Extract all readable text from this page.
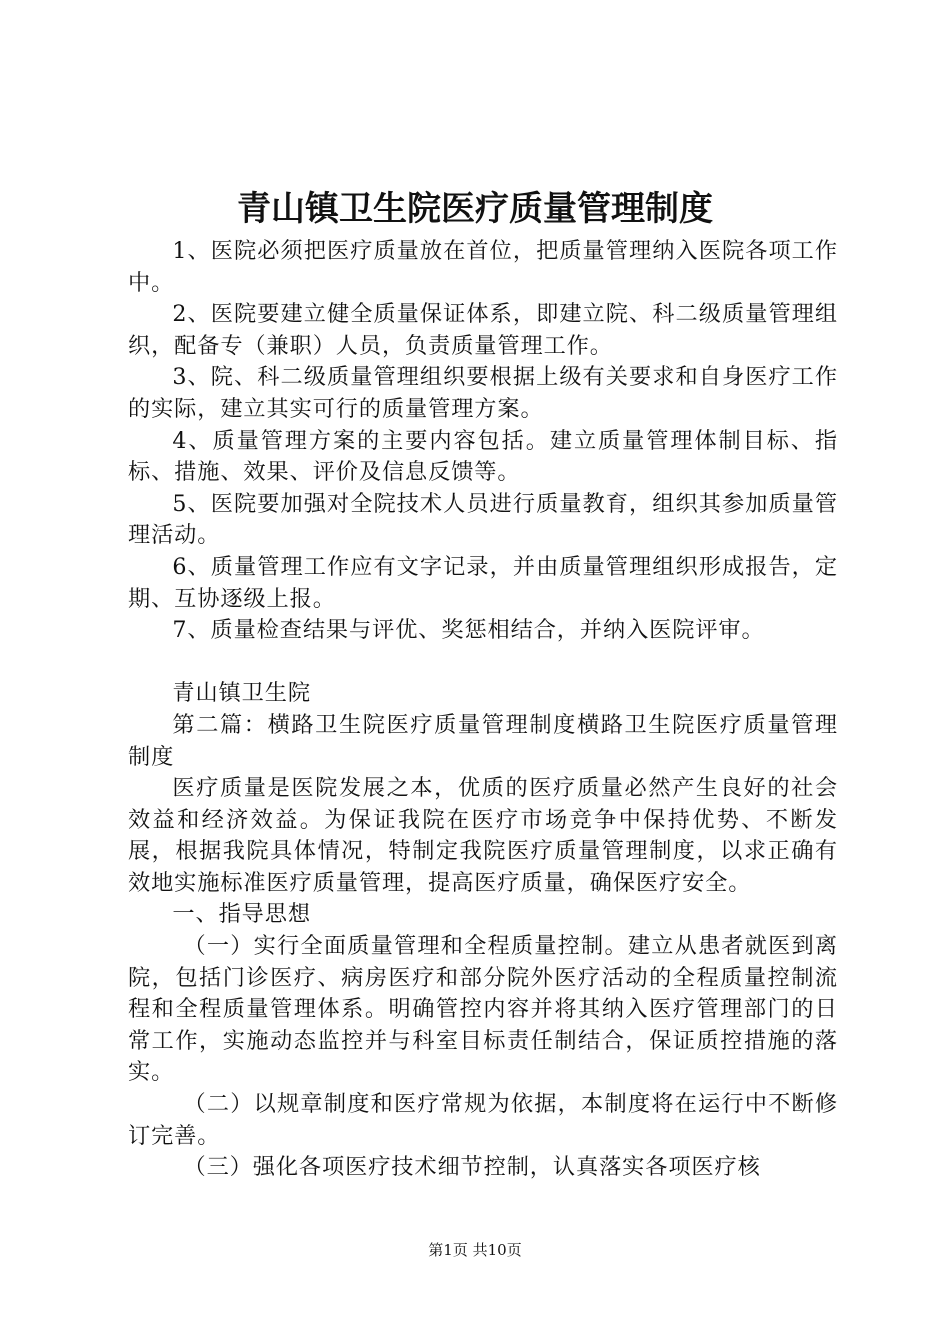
青山镇卫生院医疗质量管理制度

1、医院必须把医疗质量放在首位，把质量管理纳入医院各项工作中。

2、医院要建立健全质量保证体系，即建立院、科二级质量管理组织，配备专（兼职）人员，负责质量管理工作。

3、院、科二级质量管理组织要根据上级有关要求和自身医疗工作的实际，建立其实可行的质量管理方案。

4、质量管理方案的主要内容包括。建立质量管理体制目标、指标、措施、效果、评价及信息反馈等。

5、医院要加强对全院技术人员进行质量教育，组织其参加质量管理活动。

6、质量管理工作应有文字记录，并由质量管理组织形成报告，定期、互协逐级上报。

7、质量检查结果与评优、奖惩相结合，并纳入医院评审。

青山镇卫生院

第二篇：横路卫生院医疗质量管理制度横路卫生院医疗质量管理制度

医疗质量是医院发展之本，优质的医疗质量必然产生良好的社会效益和经济效益。为保证我院在医疗市场竞争中保持优势、不断发展，根据我院具体情况，特制定我院医疗质量管理制度，以求正确有效地实施标准医疗质量管理，提高医疗质量，确保医疗安全。

一、指导思想

（一）实行全面质量管理和全程质量控制。建立从患者就医到离院，包括门诊医疗、病房医疗和部分院外医疗活动的全程质量控制流程和全程质量管理体系。明确管控内容并将其纳入医疗管理部门的日常工作，实施动态监控并与科室目标责任制结合，保证质控措施的落实。

（二）以规章制度和医疗常规为依据，本制度将在运行中不断修订完善。

（三）强化各项医疗技术细节控制，认真落实各项医疗核

第1页 共10页
